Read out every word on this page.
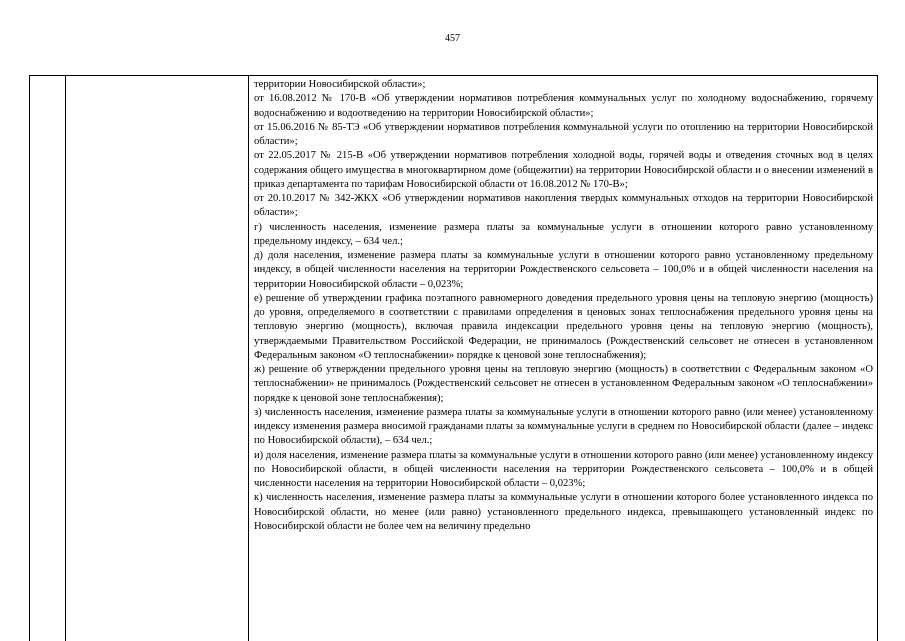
457

территории Новосибирской области»;

от 16.08.2012 № 170-В «Об утверждении нормативов потребления коммунальных услуг по холодному водоснабжению, горячему водоснабжению и водоотведению на территории Новосибирской области»;

от 15.06.2016 № 85-ТЭ «Об утверждении нормативов потребления коммунальной услуги по отоплению на территории Новосибирской области»;

от 22.05.2017 № 215-В «Об утверждении нормативов потребления холодной воды, горячей воды и отведения сточных вод в целях содержания общего имущества в многоквартирном доме (общежитии) на территории Новосибирской области и о внесении изменений в приказ департамента по тарифам Новосибирской области от 16.08.2012 № 170-В»;

от 20.10.2017 № 342-ЖКХ «Об утверждении нормативов накопления твердых коммунальных отходов на территории Новосибирской области»;

г) численность населения, изменение размера платы за коммунальные услуги в отношении которого равно установленному предельному индексу, – 634 чел.;

д) доля населения, изменение размера платы за коммунальные услуги в отношении которого равно установленному предельному индексу, в общей численности населения на территории Рождественского сельсовета – 100,0% и в общей численности населения на территории Новосибирской области – 0,023%;

е) решение об утверждении графика поэтапного равномерного доведения предельного уровня цены на тепловую энергию (мощность) до уровня, определяемого в соответствии с правилами определения в ценовых зонах теплоснабжения предельного уровня цены на тепловую энергию (мощность), включая правила индексации предельного уровня цены на тепловую энергию (мощность), утверждаемыми Правительством Российской Федерации, не принималось (Рождественский сельсовет не отнесен в установленном Федеральным законом «О теплоснабжении» порядке к ценовой зоне теплоснабжения);

ж) решение об утверждении предельного уровня цены на тепловую энергию (мощность) в соответствии с Федеральным законом «О теплоснабжении» не принималось (Рождественский сельсовет не отнесен в установленном Федеральным законом «О теплоснабжении» порядке к ценовой зоне теплоснабжения);

з) численность населения, изменение размера платы за коммунальные услуги в отношении которого равно (или менее) установленному индексу изменения размера вносимой гражданами платы за коммунальные услуги в среднем по Новосибирской области (далее – индекс по Новосибирской области), – 634 чел.;

и) доля населения, изменение размера платы за коммунальные услуги в отношении которого равно (или менее) установленному индексу по Новосибирской области, в общей численности населения на территории Рождественского сельсовета – 100,0% и в общей численности населения на территории Новосибирской области – 0,023%;

к) численность населения, изменение размера платы за коммунальные услуги в отношении которого более установленного индекса по Новосибирской области, но менее (или равно) установленного предельного индекса, превышающего установленный индекс по Новосибирской области не более чем на величину предельно
